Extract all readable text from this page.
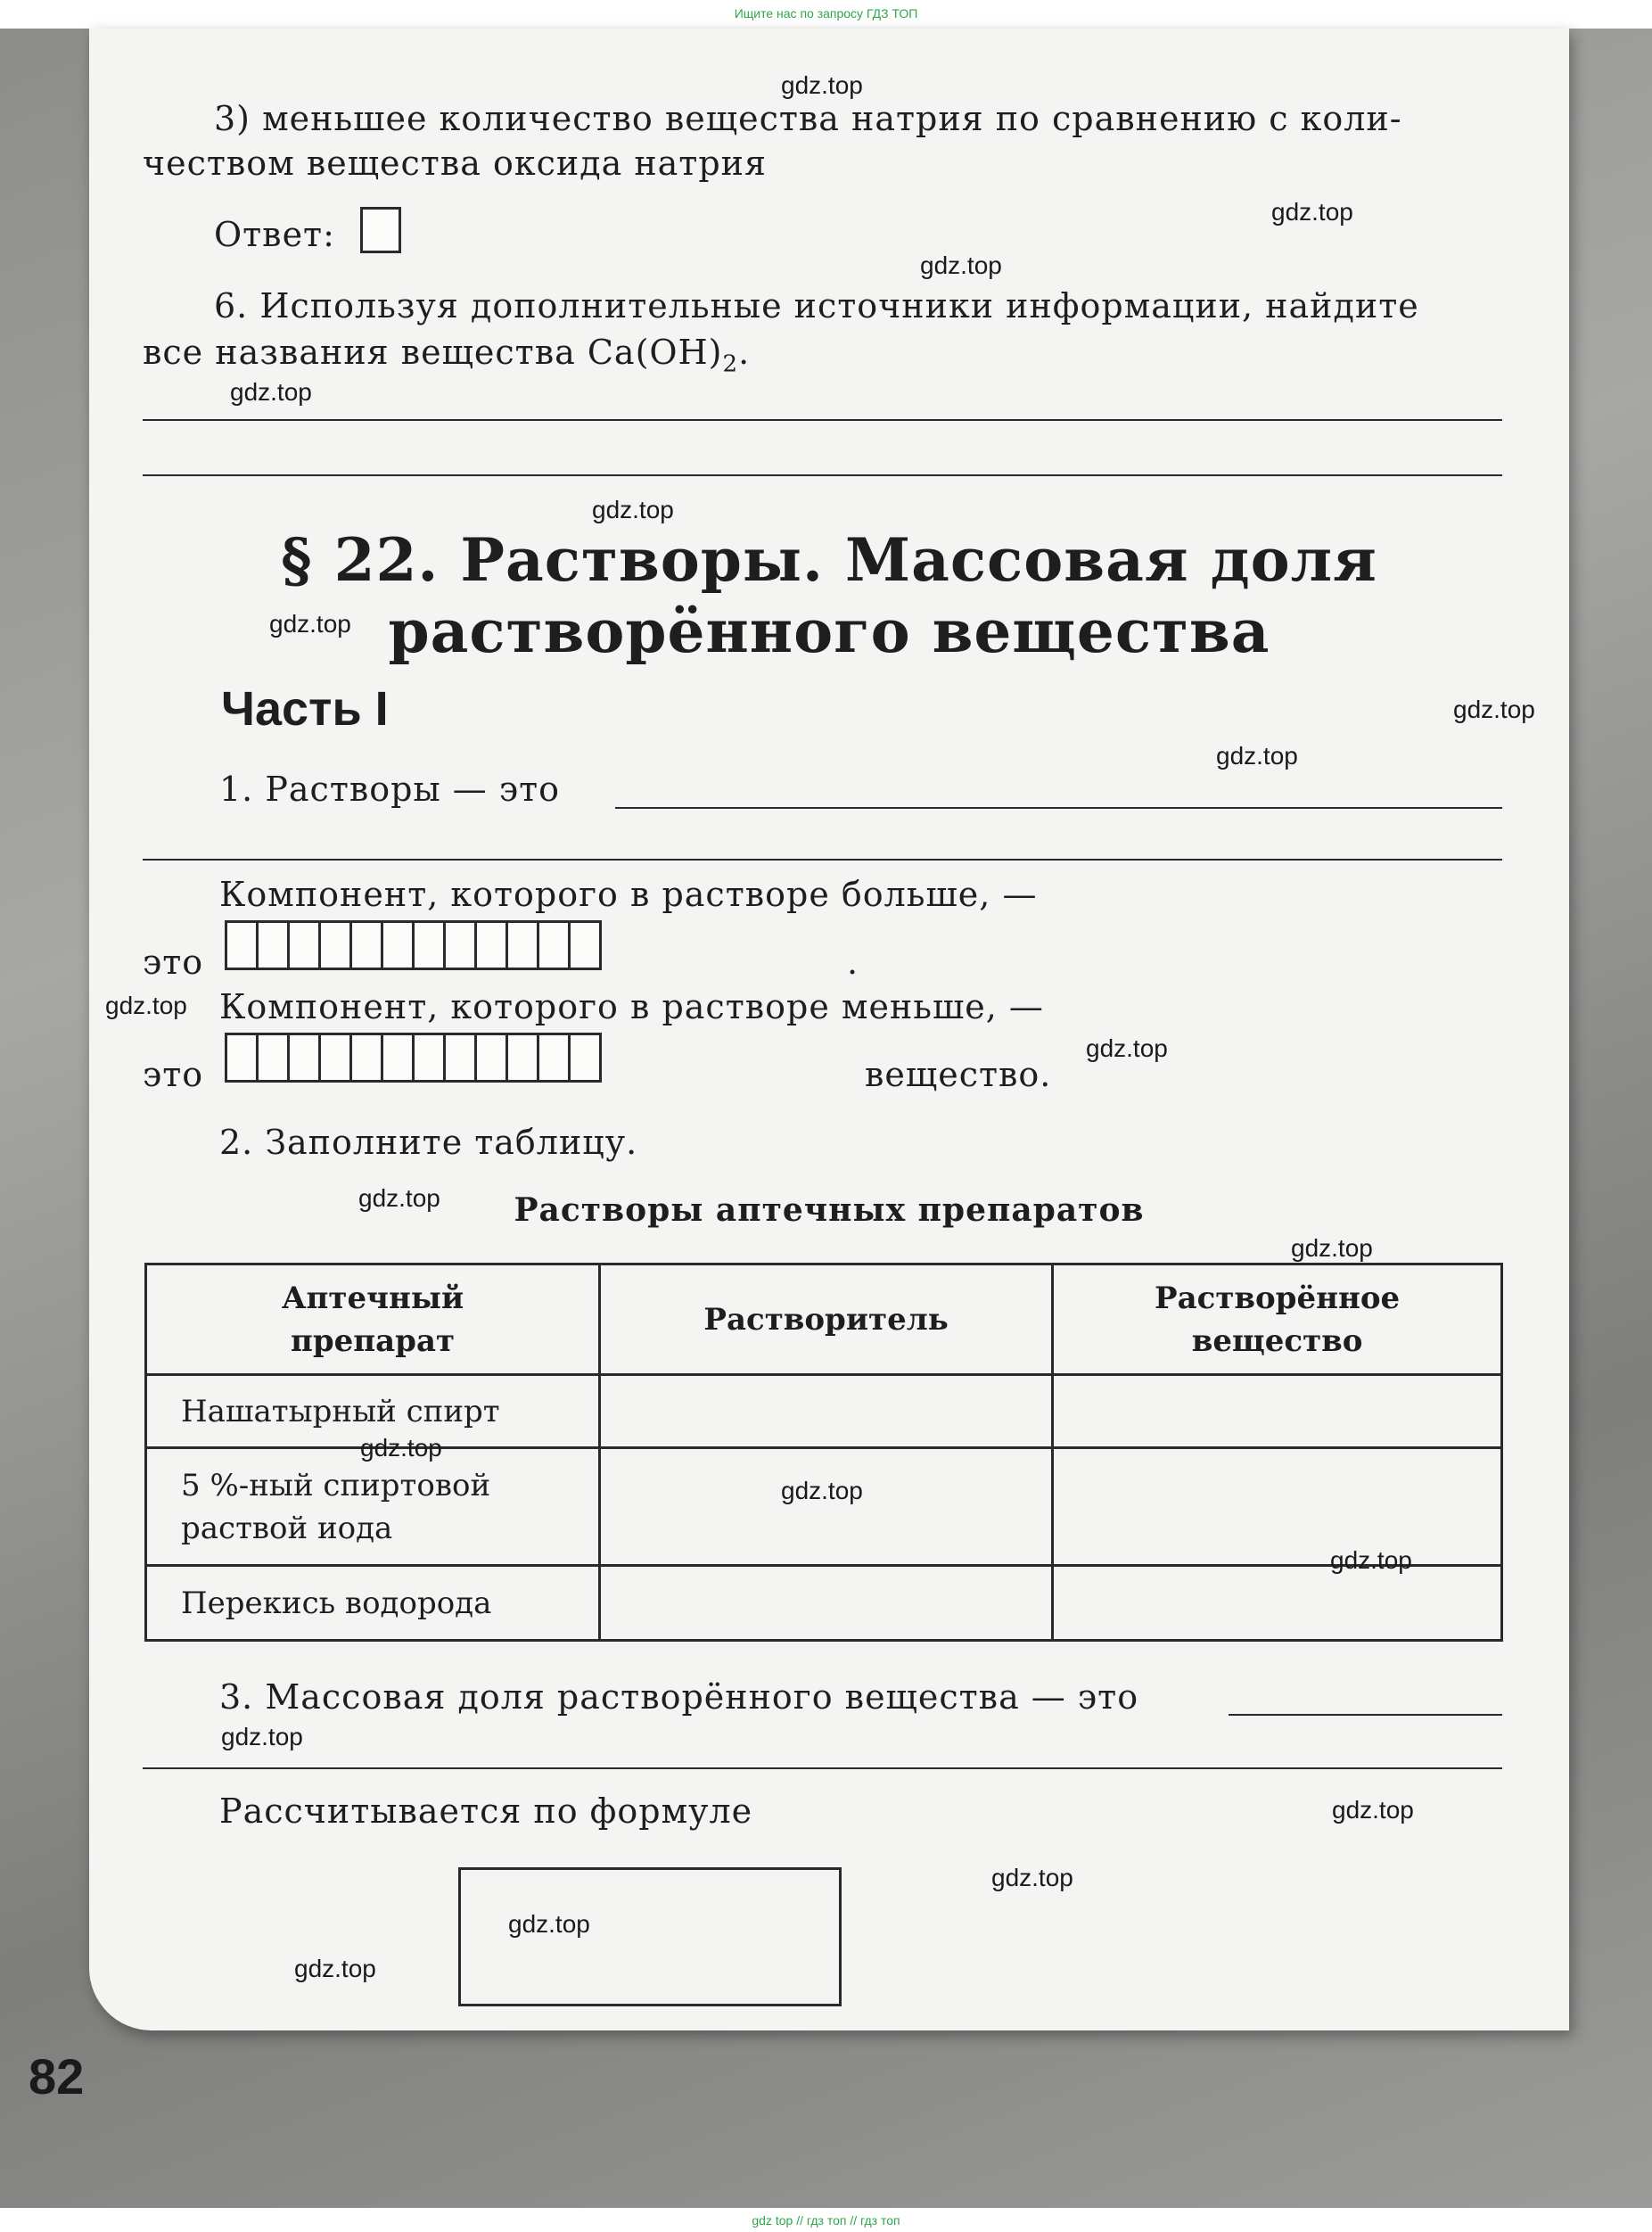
Ищите нас по запросу ГДЗ ТОП
3) меньшее количество вещества натрия по сравнению с коли-
чеством вещества оксида натрия
Ответ:
6. Используя дополнительные источники информации, найдите
все названия вещества $Ca(OH)_2$.
§ 22. Растворы. Массовая доля
растворённого вещества
Часть I
1. Растворы — это
Компонент, которого в растворе больше, —
это	.
Компонент, которого в растворе меньше, —
это	вещество.
2. Заполните таблицу.
Растворы аптечных препаратов
Аптечный препарат	Растворитель	Растворённое вещество
Нашатырный спирт		
5 %-ный спиртовой раствой иода		
Перекись водорода		
3. Массовая доля растворённого вещества — это
Рассчитывается по формуле
82
gdz.top
gdz.top
gdz.top
gdz.top
gdz.top
gdz.top
gdz.top
gdz.top
gdz.top
gdz.top
gdz.top
gdz.top
gdz.top
gdz.top
gdz.top
gdz.top
gdz.top
gdz.top
gdz.top
gdz.top
gdz top // гдз топ // гдз топ
